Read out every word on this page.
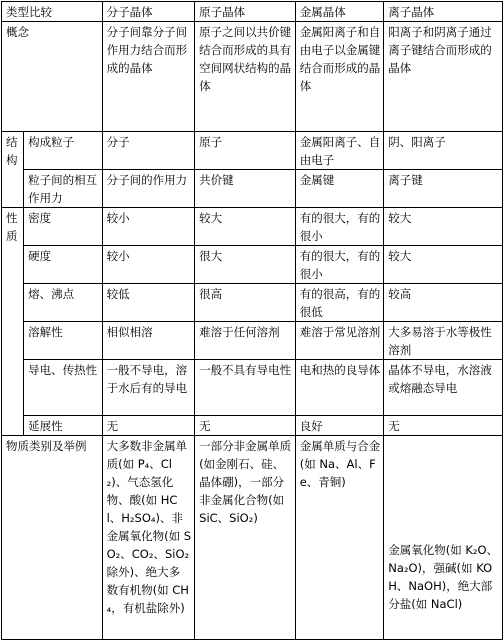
类型比较		分子晶体	原子晶体	金属晶体	离子晶体
概念		分子间靠分子间作用力结合而形成的晶体	原子之间以共价键结合而形成的具有空间网状结构的晶体	金属阳离子和自由电子以金属键结合而形成的晶体	阳离子和阴离子通过离子键结合而形成的晶体
结构	构成粒子	分子	原子	金属阳离子、自由电子	阴、阳离子
	粒子间的相互作用力	分子间的作用力	共价键	金属键	离子键
性质	密度	较小	较大	有的很大，有的很小	较大
	硬度	较小	很大	有的很大，有的很小	较大
	熔、沸点	较低	很高	有的很高，有的很低	较高
	溶解性	相似相溶	难溶于任何溶剂	难溶于常见溶剂	大多易溶于水等极性溶剂
	导电、传热性	一般不导电，溶于水后有的导电	一般不具有导电性	电和热的良导体	晶体不导电，水溶液或熔融态导电
	延展性	无	无	良好	无
物质类别及举例		大多数非金属单质(如 P₄、Cl₂)、气态氢化物、酸(如 HCl、H₂SO₄)、非金属氧化物(如 SO₂、CO₂、SiO₂除外)、绝大多数有机物(如 CH₄，有机盐除外)	一部分非金属单质(如金刚石、硅、晶体硼)，一部分非金属化合物(如 SiC、SiO₂)	金属单质与合金(如 Na、Al、Fe、青铜)	金属氧化物(如 K₂O、Na₂O)，强碱(如 KOH、NaOH)，绝大部分盐(如 NaCl)
